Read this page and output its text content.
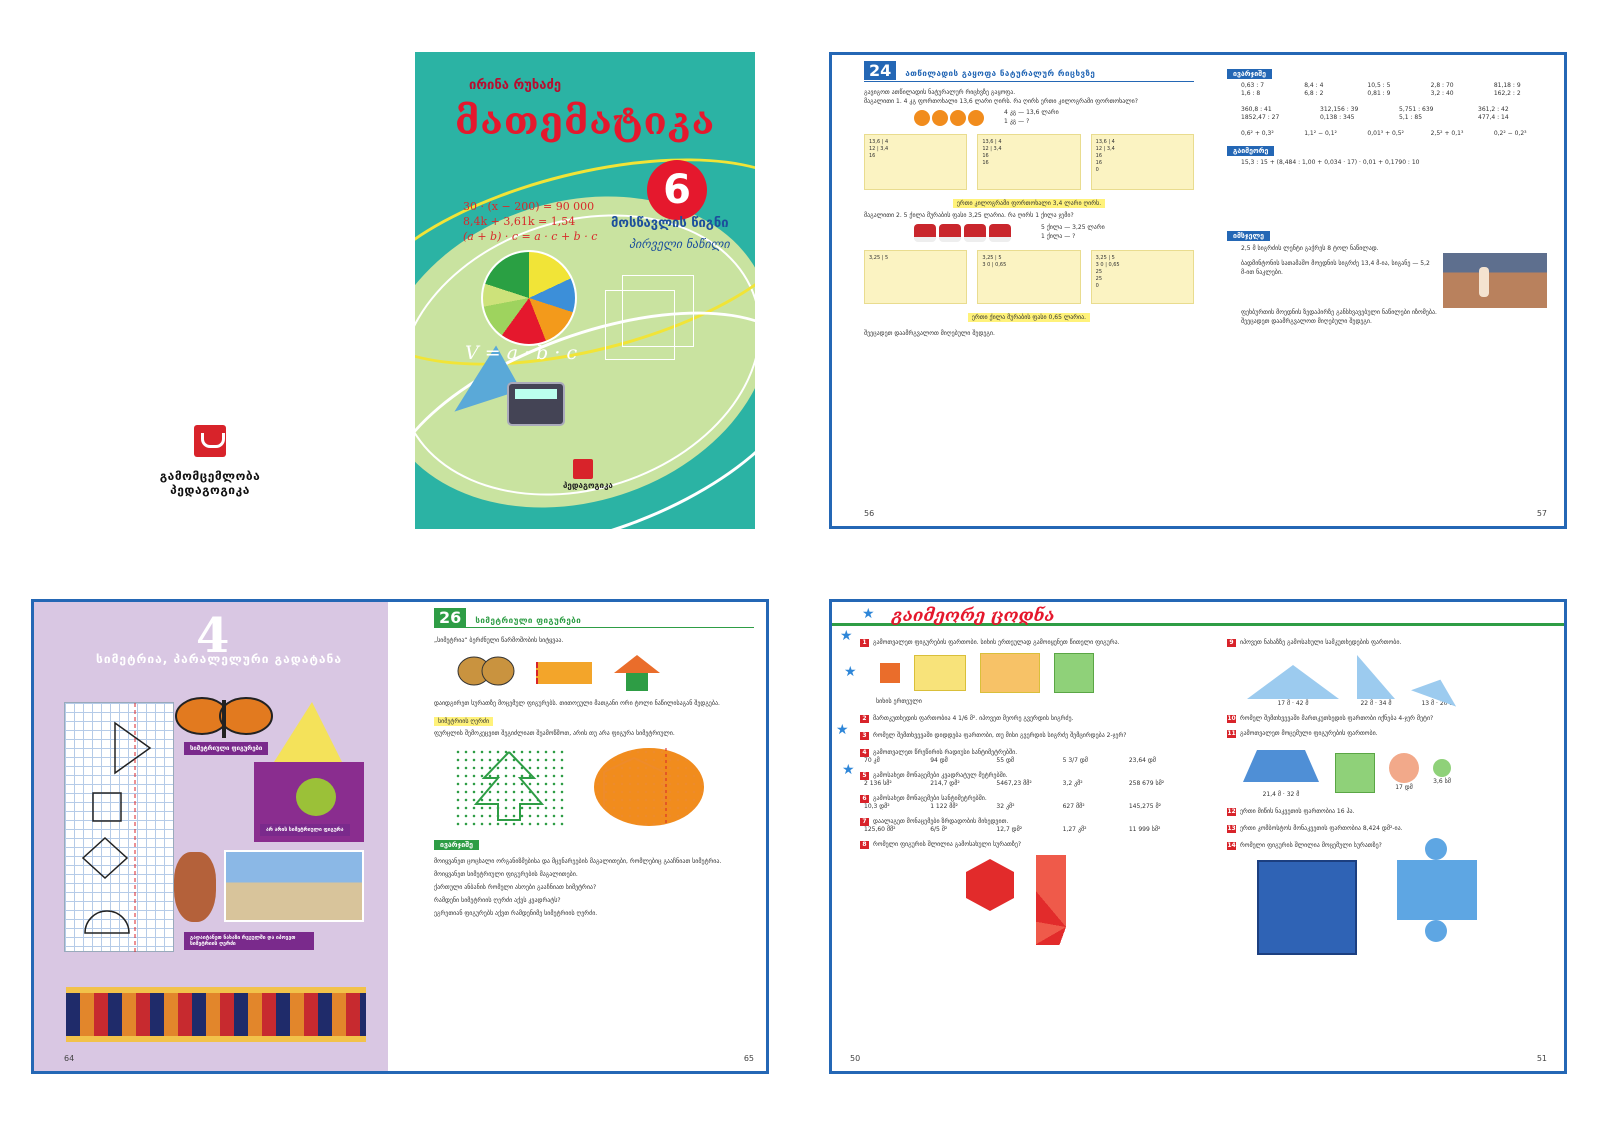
გამომცემლობა პედაგოგიკა
ირინა რუხაძე
მათემატიკა
6
30 · (x − 200) = 90 000
8,4k + 3,61k = 1,54
(a + b) · c = a · c + b · c
მოსწავლის წიგნი
პირველი ნაწილი
V = a · b · c
პედაგოგიკა
24 ათწილადის გაყოფა ნატურალურ რიცხვზე

გავიგოთ ათწილადის ნატურალურ რიცხვზე გაყოფა.

მაგალითი 1. 4 კგ ფორთოხალი 13,6 ლარი ღირს. რა ღირს ერთი კილოგრამი ფორთოხალი?

4 კგ — 13,6 ლარი

1 კგ — ?

13,6 | 4
12 | 3,4
16
13,6 | 4
12 | 3,4
16
16
13,6 | 4
12 | 3,4
16
16
0
ერთი კილოგრამი ფორთოხალი 3,4 ლარი ღირს.

მაგალითი 2. 5 ქილა მურაბის ფასი 3,25 ლარია. რა ღირს 1 ქილა ჯემი?

5 ქილა — 3,25 ლარი

1 ქილა — ?

3,25 | 5	3,25 | 5
3 0 | 0,65
3,25 | 5
3 0 | 0,65
25
25
0
ერთი ქილა მურაბის ფასი 0,65 ლარია.

შეეცადეთ დაამრგვალოთ მიღებული შედეგი.

56
ივარჯიშე
0,63 : 7	8,4 : 4	10,5 : 5	2,8 : 70	81,18 : 9
1,6 : 8	6,8 : 2	0,81 : 9	3,2 : 40	162,2 : 2
360,8 : 41	312,156 : 39	5,751 : 639	361,2 : 42
1852,47 : 27	0,138 : 345	5,1 : 85	477,4 : 14
0,6² + 0,3²	1,1² − 0,1²	0,01³ + 0,5²	2,5² + 0,1³	0,2² − 0,2³
გაიმეორე
15,3 : 15 + (8,484 : 1,00 + 0,034 · 17) · 0,01 + 0,1790 : 10
იმსჯელე

2,5 მ სიგრძის ლენტი გაჭრეს 8 ტოლ ნაწილად.

ბადმინტონის სათამაშო მოედნის სიგრძე 13,4 მ-ია, სიგანე — 5,2 მ-ით ნაკლები.

ფეხბურთის მოედნის ზედაპირზე განსხვავებული ნაწილები იზომება.

შეეცადეთ დაამრგვალოთ მიღებული შედეგი.

57
4
სიმეტრია, პარალელური გადატანა
სიმეტრიული ფიგურები
არ არის სიმეტრიული ფიგურა
გადაიტანეთ ნახაზი რვეულში და იპოვეთ სიმეტრიის ღერძი
64
26 სიმეტრიული ფიგურები

„სიმეტრია“ ბერძნული წარმოშობის სიტყვაა.

დაიდგირეთ სურათზე მოცემულ ფიგურებს. თითოეული მათგანი ორი ტოლი ნაწილისაგან შედგება.

სიმეტრიის ღერძი

ფურცლის შემოკეცვით შეგიძლიათ შეამოწმოთ, არის თუ არა ფიგურა სიმეტრიული.

ივარჯიშე

მოიყვანეთ ცოცხალი ორგანიზმებისა და მცენარეების მაგალითები, რომლებიც გააჩნიათ სიმეტრია.

მოიყვანეთ სიმეტრიული ფიგურების მაგალითები.

ქართული ანბანის რომელი ასოები გააჩნიათ სიმეტრია?

რამდენი სიმეტრიის ღერძი აქვს კვადრატს?

ეგრეთიან ფიგურებს აქვთ რამდენიმე სიმეტრიის ღერძი.

65
გაიმეორე ცოდნა
★
★
★
★
★

1 გამოთვალეთ ფიგურების ფართობი. სიხის ერთეულად გამოიყენეთ წითელი ფიგურა.

სიხის ერთეული

2 მართკუთხედის ფართობია 4 1/6 მ². იპოვეთ მეორე გვერდის სიგრძე.

3 რომელ შემთხვევაში დიდდება ფართობი, თუ მისი გვერდის სიგრძე შემცირდება 2-ჯერ?

4 გამოთვალეთ წრეწირის რადიუსი სანტიმეტრებში.

70 კმ	94 დმ	55 დმ	5 3/7 დმ	23,64 დმ

5 გამოსახეთ მონაცემები კვადრატულ მეტრებში.

2 136 სმ²	214,7 დმ²	5467,23 მმ²	3,2 კმ²	258 679 სმ²

6 გამოსახეთ მონაცემები სანტიმეტრებში.

10,3 დმ²	1 122 მმ²	32 კმ²	627 მმ²	145,275 მ²

7 დაალაგეთ მონაცემები ზრდადობის მიხედვით.

125,60 მმ²	6/5 მ²	12,7 დმ²	1,27 კმ²	11 999 სმ²

8 რომელი ფიგურის შლილია გამოსახული სურათზე?

50

9 იპოვეთ ნახაზზე გამოსახული სამკუთხედების ფართობი.

17 მ · 42 მ	22 მ · 34 მ	13 მ · 20 მ

10 რომელ შემთხვევაში მართკუთხედის ფართობი იქნება 4-ჯერ მეტი?

11 გამოთვალეთ მოცემული ფიგურების ფართობი.

21,4 მ · 32 მ
17 დმ
3,6 სმ

12 ერთი მიწის ნაკვეთის ფართობია 16 ჰა.

13 ერთი კომბოსტოს მონაკვეთის ფართობია 8,424 დმ²-ია.

14 რომელი ფიგურის შლილია მოცემული სურათზე?

51
